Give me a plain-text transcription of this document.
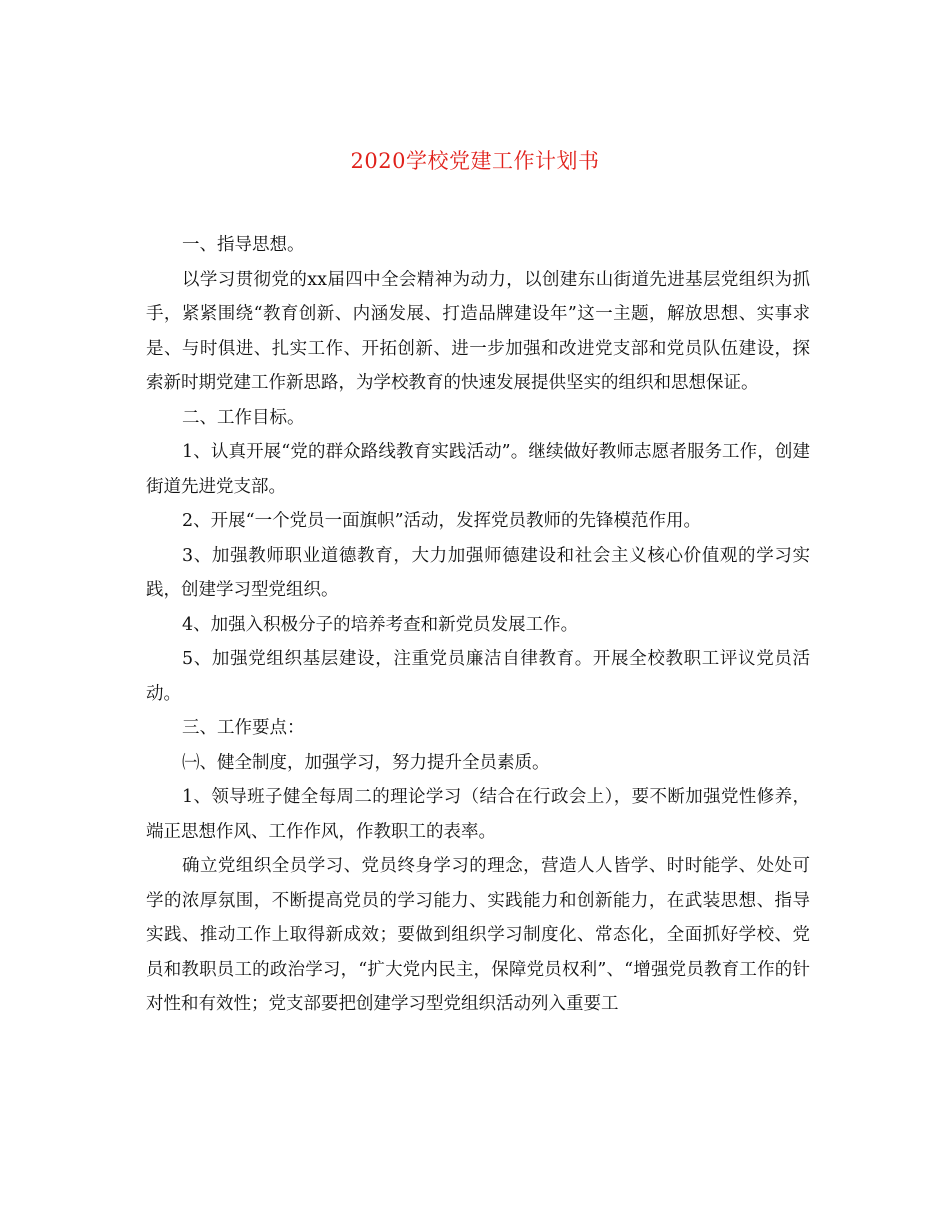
2020学校党建工作计划书

一、指导思想。

以学习贯彻党的xx届四中全会精神为动力，以创建东山街道先进基层党组织为抓手，紧紧围绕“教育创新、内涵发展、打造品牌建设年”这一主题，解放思想、实事求是、与时俱进、扎实工作、开拓创新、进一步加强和改进党支部和党员队伍建设，探索新时期党建工作新思路，为学校教育的快速发展提供坚实的组织和思想保证。

二、工作目标。

1、认真开展“党的群众路线教育实践活动”。继续做好教师志愿者服务工作，创建街道先进党支部。

2、开展“一个党员一面旗帜”活动，发挥党员教师的先锋模范作用。

3、加强教师职业道德教育，大力加强师德建设和社会主义核心价值观的学习实践，创建学习型党组织。

4、加强入积极分子的培养考查和新党员发展工作。

5、加强党组织基层建设，注重党员廉洁自律教育。开展全校教职工评议党员活动。

三、工作要点：

㈠、健全制度，加强学习，努力提升全员素质。

1、领导班子健全每周二的理论学习（结合在行政会上），要不断加强党性修养，端正思想作风、工作作风，作教职工的表率。

确立党组织全员学习、党员终身学习的理念，营造人人皆学、时时能学、处处可学的浓厚氛围，不断提高党员的学习能力、实践能力和创新能力，在武装思想、指导实践、推动工作上取得新成效；要做到组织学习制度化、常态化，全面抓好学校、党员和教职员工的政治学习，“扩大党内民主，保障党员权利”、“增强党员教育工作的针对性和有效性；党支部要把创建学习型党组织活动列入重要工
